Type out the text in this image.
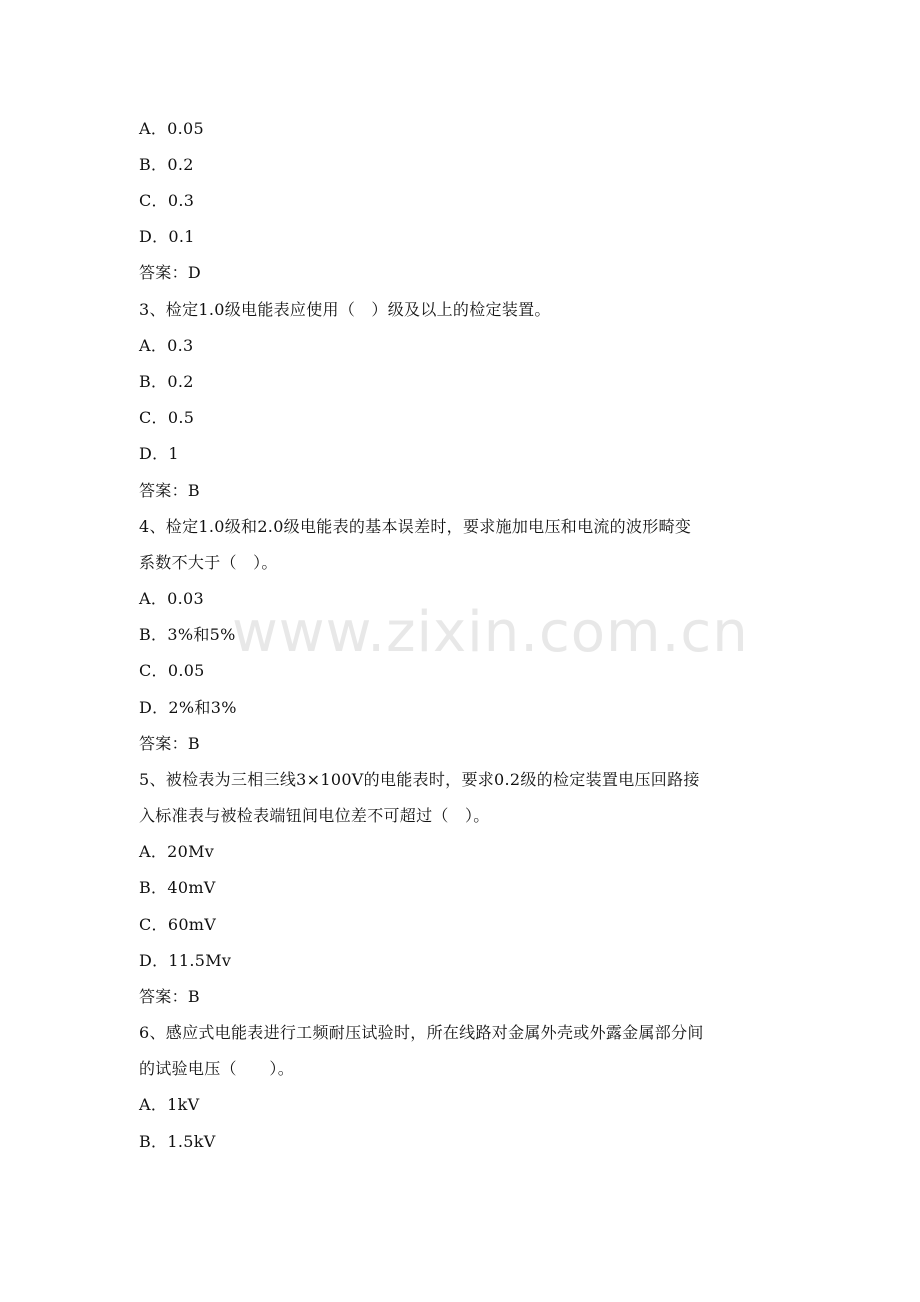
www.zixin.com.cn
A．0.05
B．0.2
C．0.3
D．0.1
答案：D
3、检定1.0级电能表应使用（　）级及以上的检定装置。
A．0.3
B．0.2
C．0.5
D．1
答案：B
4、检定1.0级和2.0级电能表的基本误差时，要求施加电压和电流的波形畸变
系数不大于（　）。
A．0.03
B．3%和5%
C．0.05
D．2%和3%
答案：B
5、被检表为三相三线3×100V的电能表时，要求0.2级的检定装置电压回路接
入标准表与被检表端钮间电位差不可超过（　）。
A．20Mv
B．40mV
C．60mV
D．11.5Mv
答案：B
6、感应式电能表进行工频耐压试验时，所在线路对金属外壳或外露金属部分间
的试验电压（　　）。
A．1kV
B．1.5kV
